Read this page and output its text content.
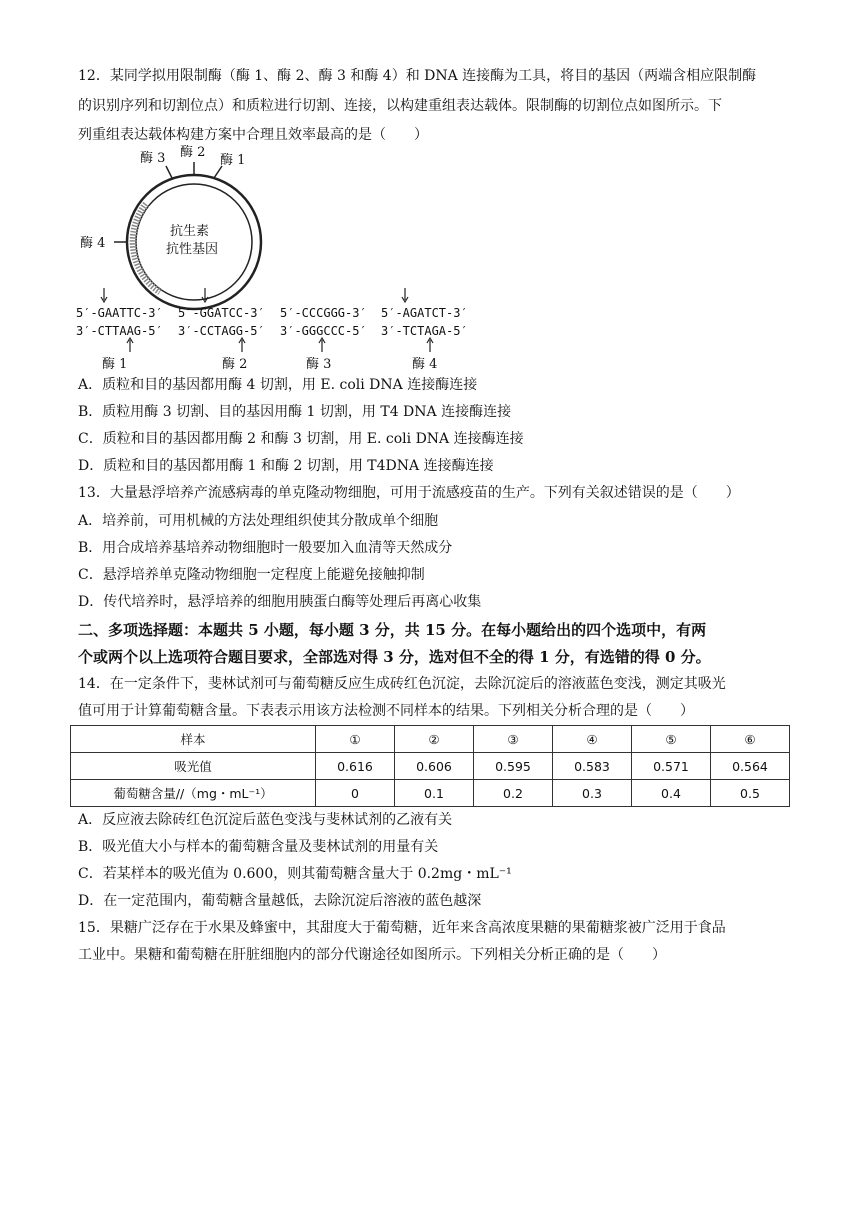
12．某同学拟用限制酶（酶 1、酶 2、酶 3 和酶 4）和 DNA 连接酶为工具，将目的基因（两端含相应限制酶
的识别序列和切割位点）和质粒进行切割、连接，以构建重组表达载体。限制酶的切割位点如图所示。下
列重组表达载体构建方案中合理且效率最高的是（　　）
酶 3 酶 2
酶 1
酶 4
抗生素
抗性基因
5′-GAATTC-3′
3′-CTTAAG-5′
酶 1
5′-GGATCC-3′
3′-CCTAGG-5′
酶 2
5′-CCCGGG-3′
3′-GGGCCC-5′
酶 3
5′-AGATCT-3′
3′-TCTAGA-5′
酶 4
A．质粒和目的基因都用酶 4 切割，用 E. coli DNA 连接酶连接
B．质粒用酶 3 切割、目的基因用酶 1 切割，用 T4 DNA 连接酶连接
C．质粒和目的基因都用酶 2 和酶 3 切割，用 E. coli DNA 连接酶连接
D．质粒和目的基因都用酶 1 和酶 2 切割，用 T4DNA 连接酶连接
13．大量悬浮培养产流感病毒的单克隆动物细胞，可用于流感疫苗的生产。下列有关叙述错误的是（　　）
A．培养前，可用机械的方法处理组织使其分散成单个细胞
B．用合成培养基培养动物细胞时一般要加入血清等天然成分
C．悬浮培养单克隆动物细胞一定程度上能避免接触抑制
D．传代培养时，悬浮培养的细胞用胰蛋白酶等处理后再离心收集
二、多项选择题：本题共 5 小题，每小题 3 分，共 15 分。在每小题给出的四个选项中，有两
个或两个以上选项符合题目要求，全部选对得 3 分，选对但不全的得 1 分，有选错的得 0 分。
14．在一定条件下，斐林试剂可与葡萄糖反应生成砖红色沉淀，去除沉淀后的溶液蓝色变浅，测定其吸光
值可用于计算葡萄糖含量。下表表示用该方法检测不同样本的结果。下列相关分析合理的是（　　）
样本	①	②	③	④	⑤	⑥
吸光值	0.616	0.606	0.595	0.583	0.571	0.564
葡萄糖含量//（mg・mL⁻¹）	0	0.1	0.2	0.3	0.4	0.5
A．反应液去除砖红色沉淀后蓝色变浅与斐林试剂的乙液有关
B．吸光值大小与样本的葡萄糖含量及斐林试剂的用量有关
C．若某样本的吸光值为 0.600，则其葡萄糖含量大于 0.2mg・mL⁻¹
D．在一定范围内，葡萄糖含量越低，去除沉淀后溶液的蓝色越深
15．果糖广泛存在于水果及蜂蜜中，其甜度大于葡萄糖，近年来含高浓度果糖的果葡糖浆被广泛用于食品
工业中。果糖和葡萄糖在肝脏细胞内的部分代谢途径如图所示。下列相关分析正确的是（　　）
